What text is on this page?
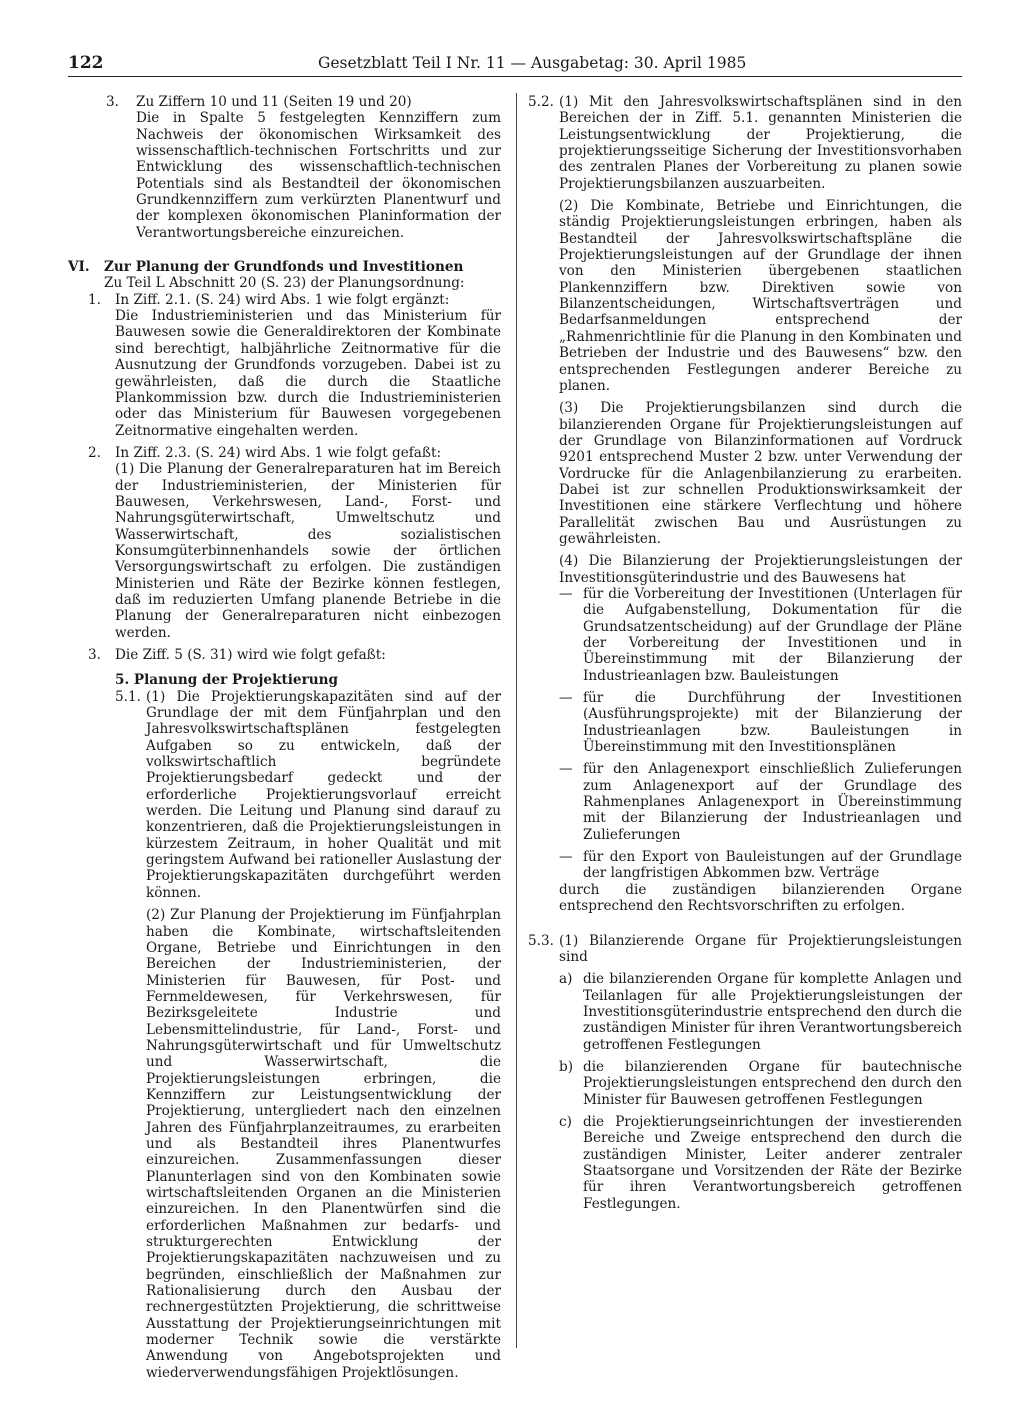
122	Gesetzblatt Teil I Nr. 11 — Ausgabetag: 30. April 1985
3.	Zu Ziffern 10 und 11 (Seiten 19 und 20)

Die in Spalte 5 festgelegten Kennziffern zum Nachweis der ökonomischen Wirksamkeit des wissenschaftlich-technischen Fortschritts und zur Entwicklung des wissenschaftlich-technischen Potentials sind als Bestandteil der ökonomischen Grundkennziffern zum verkürzten Planentwurf und der komplexen ökonomischen Planinformation der Verantwortungsbereiche einzureichen.

VI.	Zur Planung der Grundfonds und Investitionen

Zu Teil L Abschnitt 20 (S. 23) der Planungsordnung:

1.	In Ziff. 2.1. (S. 24) wird Abs. 1 wie folgt ergänzt:

Die Industrieministerien und das Ministerium für Bauwesen sowie die Generaldirektoren der Kombinate sind berechtigt, halbjährliche Zeitnormative für die Ausnutzung der Grundfonds vorzugeben. Dabei ist zu gewährleisten, daß die durch die Staatliche Plankommission bzw. durch die Industrieministerien oder das Ministerium für Bauwesen vorgegebenen Zeitnormative eingehalten werden.

2.	In Ziff. 2.3. (S. 24) wird Abs. 1 wie folgt gefaßt:

(1) Die Planung der Generalreparaturen hat im Bereich der Industrieministerien, der Ministerien für Bauwesen, Verkehrswesen, Land-, Forst- und Nahrungsgüterwirtschaft, Umweltschutz und Wasserwirtschaft, des sozialistischen Konsumgüterbinnenhandels sowie der örtlichen Versorgungswirtschaft zu erfolgen. Die zuständigen Ministerien und Räte der Bezirke können festlegen, daß im reduzierten Umfang planende Betriebe in die Planung der Generalreparaturen nicht einbezogen werden.

3.	Die Ziff. 5 (S. 31) wird wie folgt gefaßt:

5. Planung der Projektierung

5.1. (1) Die Projektierungskapazitäten sind auf der Grundlage der mit dem Fünfjahrplan und den Jahresvolkswirtschaftsplänen festgelegten Aufgaben so zu entwickeln, daß der volkswirtschaftlich begründete Projektierungsbedarf gedeckt und der erforderliche Projektierungsvorlauf erreicht werden. Die Leitung und Planung sind darauf zu konzentrieren, daß die Projektierungsleistungen in kürzestem Zeitraum, in hoher Qualität und mit geringstem Aufwand bei rationeller Auslastung der Projektierungskapazitäten durchgeführt werden können.

(2) Zur Planung der Projektierung im Fünfjahrplan haben die Kombinate, wirtschaftsleitenden Organe, Betriebe und Einrichtungen in den Bereichen der Industrieministerien, der Ministerien für Bauwesen, für Post- und Fernmeldewesen, für Verkehrswesen, für Bezirksgeleitete Industrie und Lebensmittelindustrie, für Land-, Forst- und Nahrungsgüterwirtschaft und für Umweltschutz und Wasserwirtschaft, die Projektierungsleistungen erbringen, die Kennziffern zur Leistungsentwicklung der Projektierung, untergliedert nach den einzelnen Jahren des Fünfjahrplanzeitraumes, zu erarbeiten und als Bestandteil ihres Planentwurfes einzureichen. Zusammenfassungen dieser Planunterlagen sind von den Kombinaten sowie wirtschaftsleitenden Organen an die Ministerien einzureichen. In den Planentwürfen sind die erforderlichen Maßnahmen zur bedarfs- und strukturgerechten Entwicklung der Projektierungskapazitäten nachzuweisen und zu begründen, einschließlich der Maßnahmen zur Rationalisierung durch den Ausbau der rechnergestützten Projektierung, die schrittweise Ausstattung der Projektierungseinrichtungen mit moderner Technik sowie die verstärkte Anwendung von Angebotsprojekten und wiederverwendungsfähigen Projektlösungen.

5.2. (1) Mit den Jahresvolkswirtschaftsplänen sind in den Bereichen der in Ziff. 5.1. genannten Ministerien die Leistungsentwicklung der Projektierung, die projektierungsseitige Sicherung der Investitionsvorhaben des zentralen Planes der Vorbereitung zu planen sowie Projektierungsbilanzen auszuarbeiten.

(2) Die Kombinate, Betriebe und Einrichtungen, die ständig Projektierungsleistungen erbringen, haben als Bestandteil der Jahresvolkswirtschaftspläne die Projektierungsleistungen auf der Grundlage der ihnen von den Ministerien übergebenen staatlichen Plankennziffern bzw. Direktiven sowie von Bilanzentscheidungen, Wirtschaftsverträgen und Bedarfsanmeldungen entsprechend der „Rahmenrichtlinie für die Planung in den Kombinaten und Betrieben der Industrie und des Bauwesens“ bzw. den entsprechenden Festlegungen anderer Bereiche zu planen.

(3) Die Projektierungsbilanzen sind durch die bilanzierenden Organe für Projektierungsleistungen auf der Grundlage von Bilanzinformationen auf Vordruck 9201 entsprechend Muster 2 bzw. unter Verwendung der Vordrucke für die Anlagenbilanzierung zu erarbeiten. Dabei ist zur schnellen Produktionswirksamkeit der Investitionen eine stärkere Verflechtung und höhere Parallelität zwischen Bau und Ausrüstungen zu gewährleisten.

(4) Die Bilanzierung der Projektierungsleistungen der Investitionsgüterindustrie und des Bauwesens hat

— für die Vorbereitung der Investitionen (Unterlagen für die Aufgabenstellung, Dokumentation für die Grundsatzentscheidung) auf der Grundlage der Pläne der Vorbereitung der Investitionen und in Übereinstimmung mit der Bilanzierung der Industrieanlagen bzw. Bauleistungen
— für die Durchführung der Investitionen (Ausführungsprojekte) mit der Bilanzierung der Industrieanlagen bzw. Bauleistungen in Übereinstimmung mit den Investitionsplänen
— für den Anlagenexport einschließlich Zulieferungen zum Anlagenexport auf der Grundlage des Rahmenplanes Anlagenexport in Übereinstimmung mit der Bilanzierung der Industrieanlagen und Zulieferungen
— für den Export von Bauleistungen auf der Grundlage der langfristigen Abkommen bzw. Verträge

durch die zuständigen bilanzierenden Organe entsprechend den Rechtsvorschriften zu erfolgen.

5.3. (1) Bilanzierende Organe für Projektierungsleistungen sind

a) die bilanzierenden Organe für komplette Anlagen und Teilanlagen für alle Projektierungsleistungen der Investitionsgüterindustrie entsprechend den durch die zuständigen Minister für ihren Verantwortungsbereich getroffenen Festlegungen
b) die bilanzierenden Organe für bautechnische Projektierungsleistungen entsprechend den durch den Minister für Bauwesen getroffenen Festlegungen
c) die Projektierungseinrichtungen der investierenden Bereiche und Zweige entsprechend den durch die zuständigen Minister, Leiter anderer zentraler Staatsorgane und Vorsitzenden der Räte der Bezirke für ihren Verantwortungsbereich getroffenen Festlegungen.
